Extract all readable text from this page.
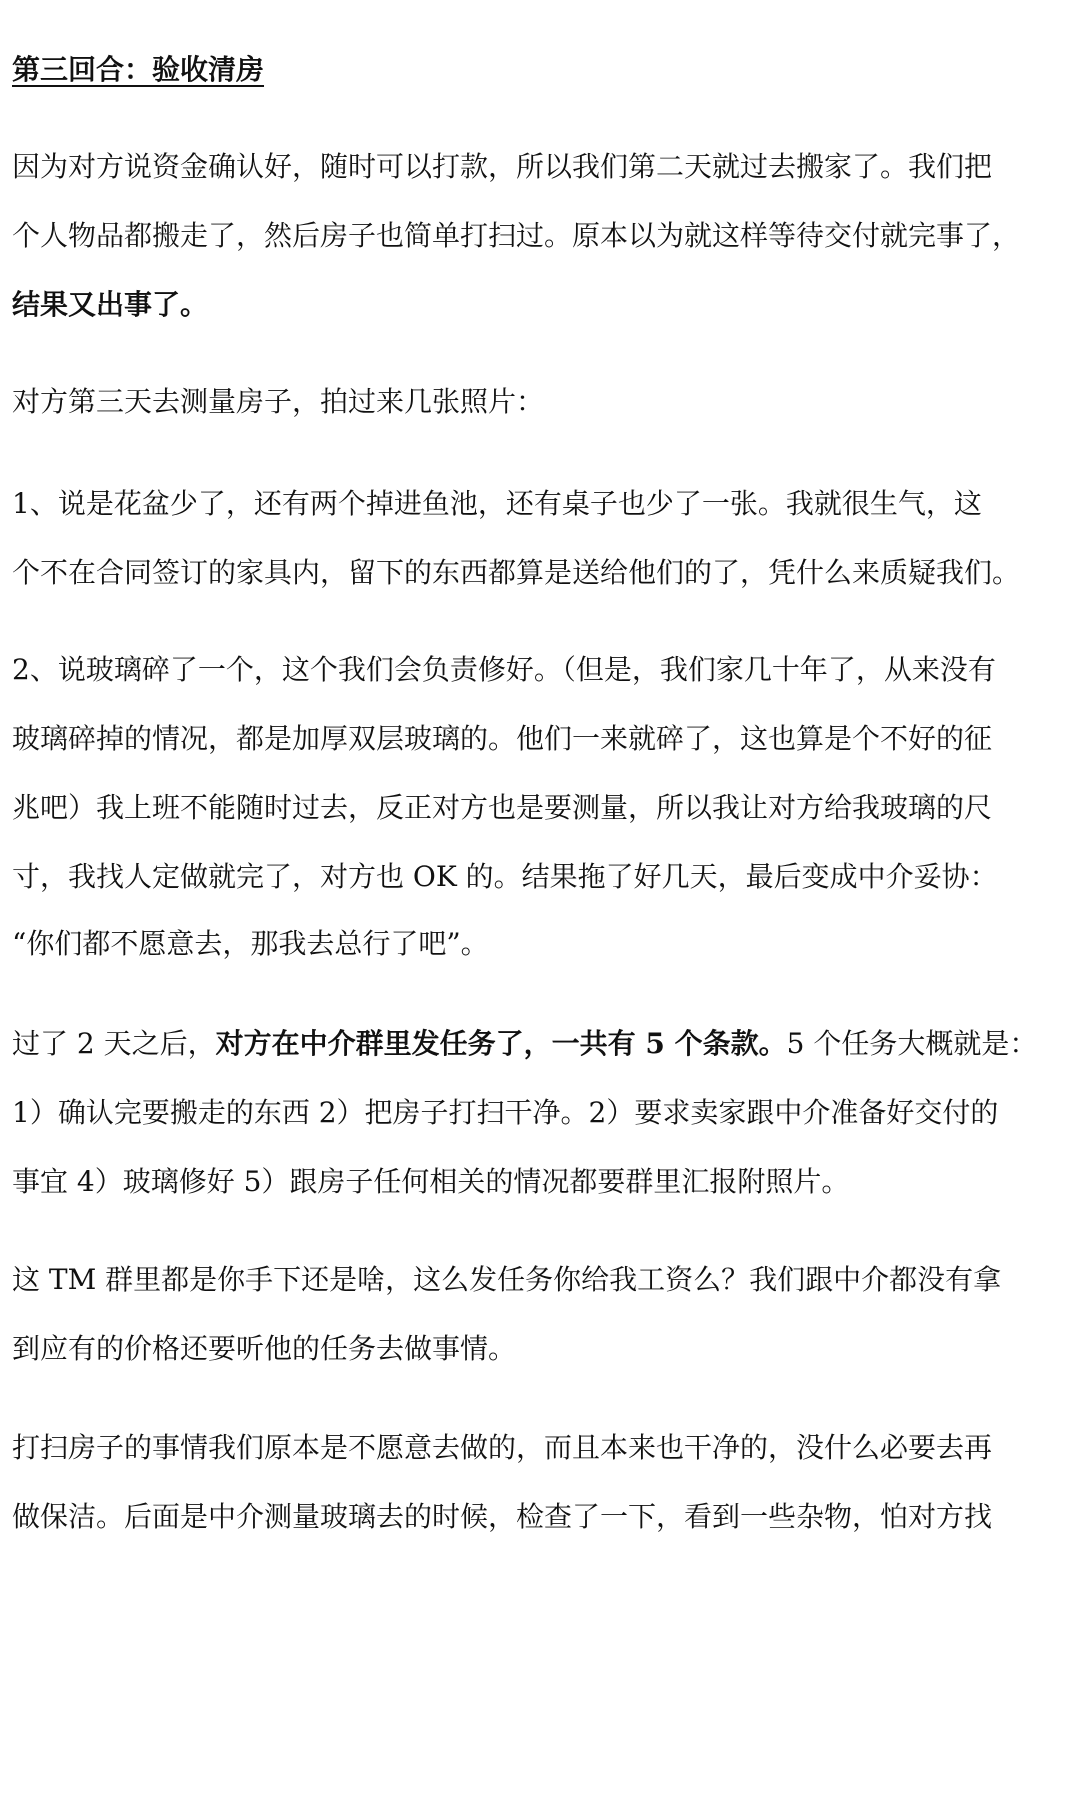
第三回合：验收清房
因为对方说资金确认好，随时可以打款，所以我们第二天就过去搬家了。我们把
个人物品都搬走了，然后房子也简单打扫过。原本以为就这样等待交付就完事了，
结果又出事了。
对方第三天去测量房子，拍过来几张照片：
1、说是花盆少了，还有两个掉进鱼池，还有桌子也少了一张。我就很生气，这
个不在合同签订的家具内，留下的东西都算是送给他们的了，凭什么来质疑我们。
2、说玻璃碎了一个，这个我们会负责修好。（但是，我们家几十年了，从来没有
玻璃碎掉的情况，都是加厚双层玻璃的。他们一来就碎了，这也算是个不好的征
兆吧）我上班不能随时过去，反正对方也是要测量，所以我让对方给我玻璃的尺
寸，我找人定做就完了，对方也 OK 的。结果拖了好几天，最后变成中介妥协：
“你们都不愿意去，那我去总行了吧”。
过了 2 天之后，对方在中介群里发任务了，一共有 5 个条款。5 个任务大概就是：
1）确认完要搬走的东西 2）把房子打扫干净。2）要求卖家跟中介准备好交付的
事宜 4）玻璃修好 5）跟房子任何相关的情况都要群里汇报附照片。
这 TM 群里都是你手下还是啥，这么发任务你给我工资么？我们跟中介都没有拿
到应有的价格还要听他的任务去做事情。
打扫房子的事情我们原本是不愿意去做的，而且本来也干净的，没什么必要去再
做保洁。后面是中介测量玻璃去的时候，检查了一下，看到一些杂物，怕对方找
